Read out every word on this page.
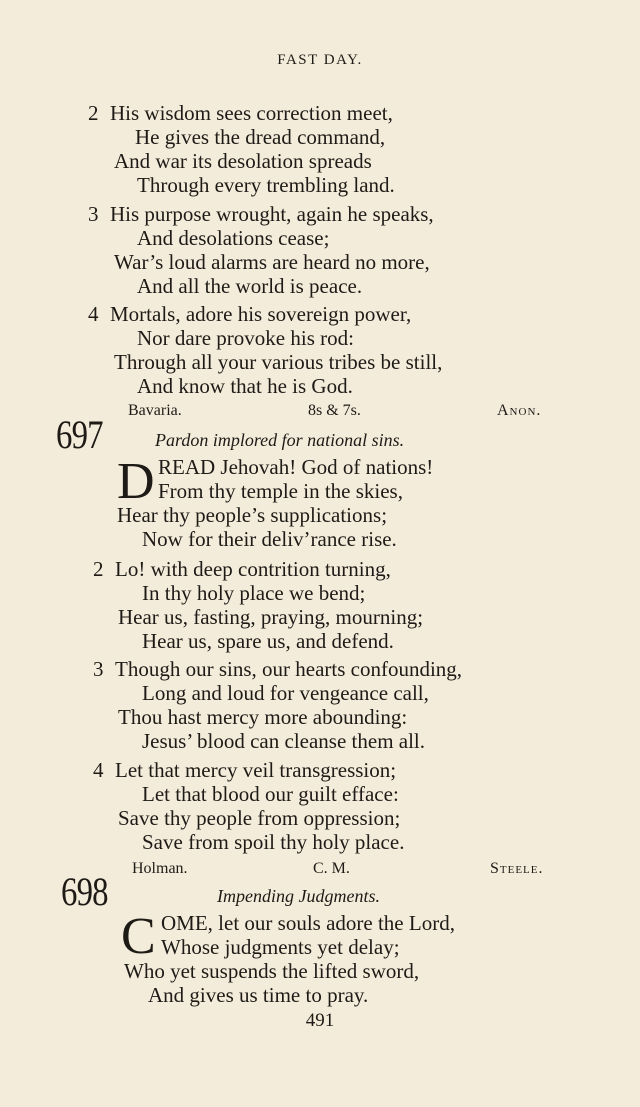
FAST DAY.
2 His wisdom sees correction meet,
He gives the dread command,
And war its desolation spreads
Through every trembling land.
3 His purpose wrought, again he speaks,
And desolations cease;
War’s loud alarms are heard no more,
And all the world is peace.
4 Mortals, adore his sovereign power,
Nor dare provoke his rod:
Through all your various tribes be still,
And know that he is God.
697
Bavaria.	8s & 7s.	Anon.
Pardon implored for national sins.
D READ Jehovah! God of nations!
From thy temple in the skies,
Hear thy people’s supplications;
Now for their deliv’rance rise.
2 Lo! with deep contrition turning,
In thy holy place we bend;
Hear us, fasting, praying, mourning;
Hear us, spare us, and defend.
3 Though our sins, our hearts confounding,
Long and loud for vengeance call,
Thou hast mercy more abounding:
Jesus’ blood can cleanse them all.
4 Let that mercy veil transgression;
Let that blood our guilt efface:
Save thy people from oppression;
Save from spoil thy holy place.
698
Holman.	C. M.	Steele.
Impending Judgments.
C OME, let our souls adore the Lord,
Whose judgments yet delay;
Who yet suspends the lifted sword,
And gives us time to pray.
491
